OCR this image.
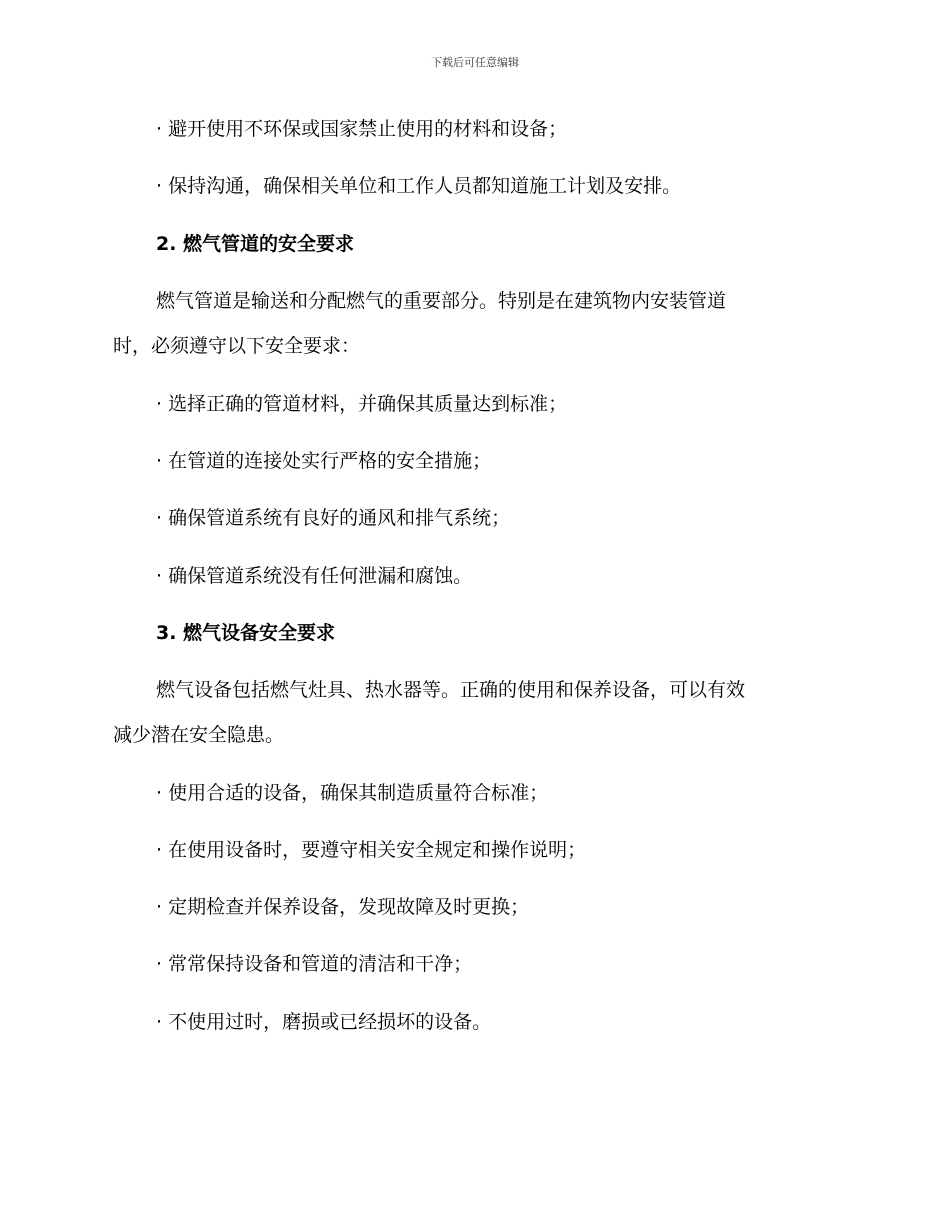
下载后可任意编辑
· 避开使用不环保或国家禁止使用的材料和设备；
· 保持沟通，确保相关单位和工作人员都知道施工计划及安排。
2. 燃气管道的安全要求
燃气管道是输送和分配燃气的重要部分。特别是在建筑物内安装管道
时，必须遵守以下安全要求：
· 选择正确的管道材料，并确保其质量达到标准；
· 在管道的连接处实行严格的安全措施；
· 确保管道系统有良好的通风和排气系统；
· 确保管道系统没有任何泄漏和腐蚀。
3. 燃气设备安全要求
燃气设备包括燃气灶具、热水器等。正确的使用和保养设备，可以有效
减少潜在安全隐患。
· 使用合适的设备，确保其制造质量符合标准；
· 在使用设备时，要遵守相关安全规定和操作说明；
· 定期检查并保养设备，发现故障及时更换；
· 常常保持设备和管道的清洁和干净；
· 不使用过时，磨损或已经损坏的设备。
